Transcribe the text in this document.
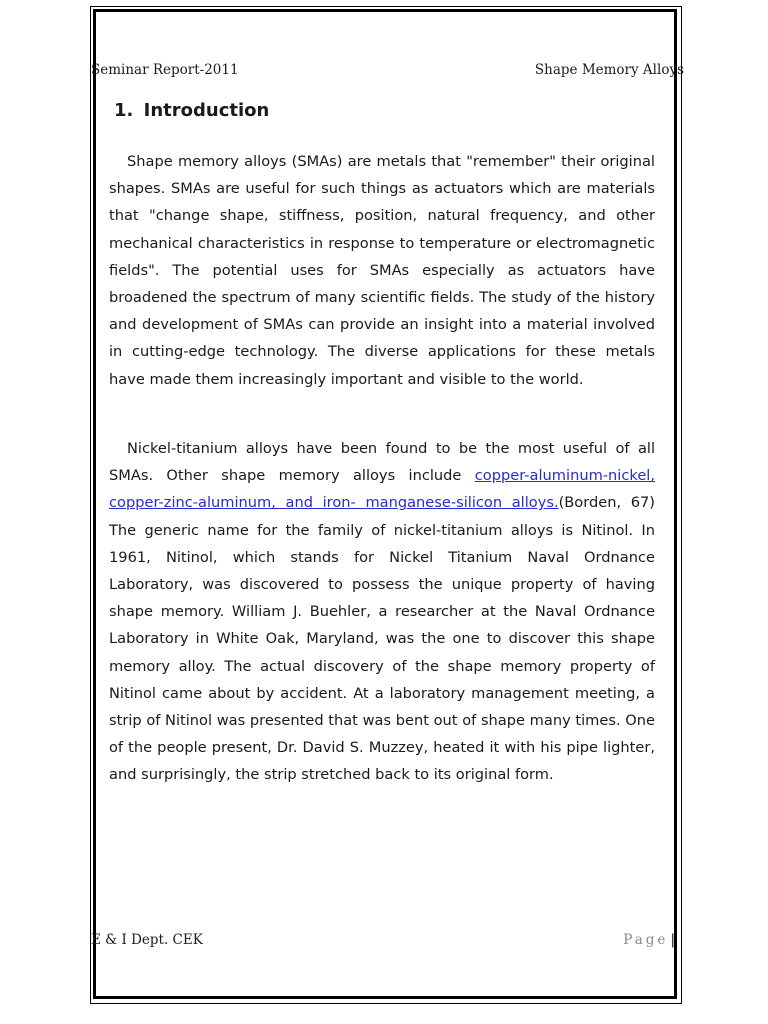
Seminar Report-2011	Shape Memory Alloys
1. Introduction

Shape memory alloys (SMAs) are metals that "remember" their original shapes. SMAs are useful for such things as actuators which are materials that "change shape, stiffness, position, natural frequency, and other mechanical characteristics in response to temperature or electromagnetic fields". The potential uses for SMAs especially as actuators have broadened the spectrum of many scientific fields. The study of the history and development of SMAs can provide an insight into a material involved in cutting-edge technology. The diverse applications for these metals have made them increasingly important and visible to the world.

Nickel-titanium alloys have been found to be the most useful of all SMAs. Other shape memory alloys include copper-aluminum-nickel, copper-zinc-aluminum, and iron- manganese-silicon alloys.(Borden, 67) The generic name for the family of nickel-titanium alloys is Nitinol. In 1961, Nitinol, which stands for Nickel Titanium Naval Ordnance Laboratory, was discovered to possess the unique property of having shape memory. William J. Buehler, a researcher at the Naval Ordnance Laboratory in White Oak, Maryland, was the one to discover this shape memory alloy. The actual discovery of the shape memory property of Nitinol came about by accident. At a laboratory management meeting, a strip of Nitinol was presented that was bent out of shape many times. One of the people present, Dr. David S. Muzzey, heated it with his pipe lighter, and surprisingly, the strip stretched back to its original form.

E & I Dept. CEK	Page |
